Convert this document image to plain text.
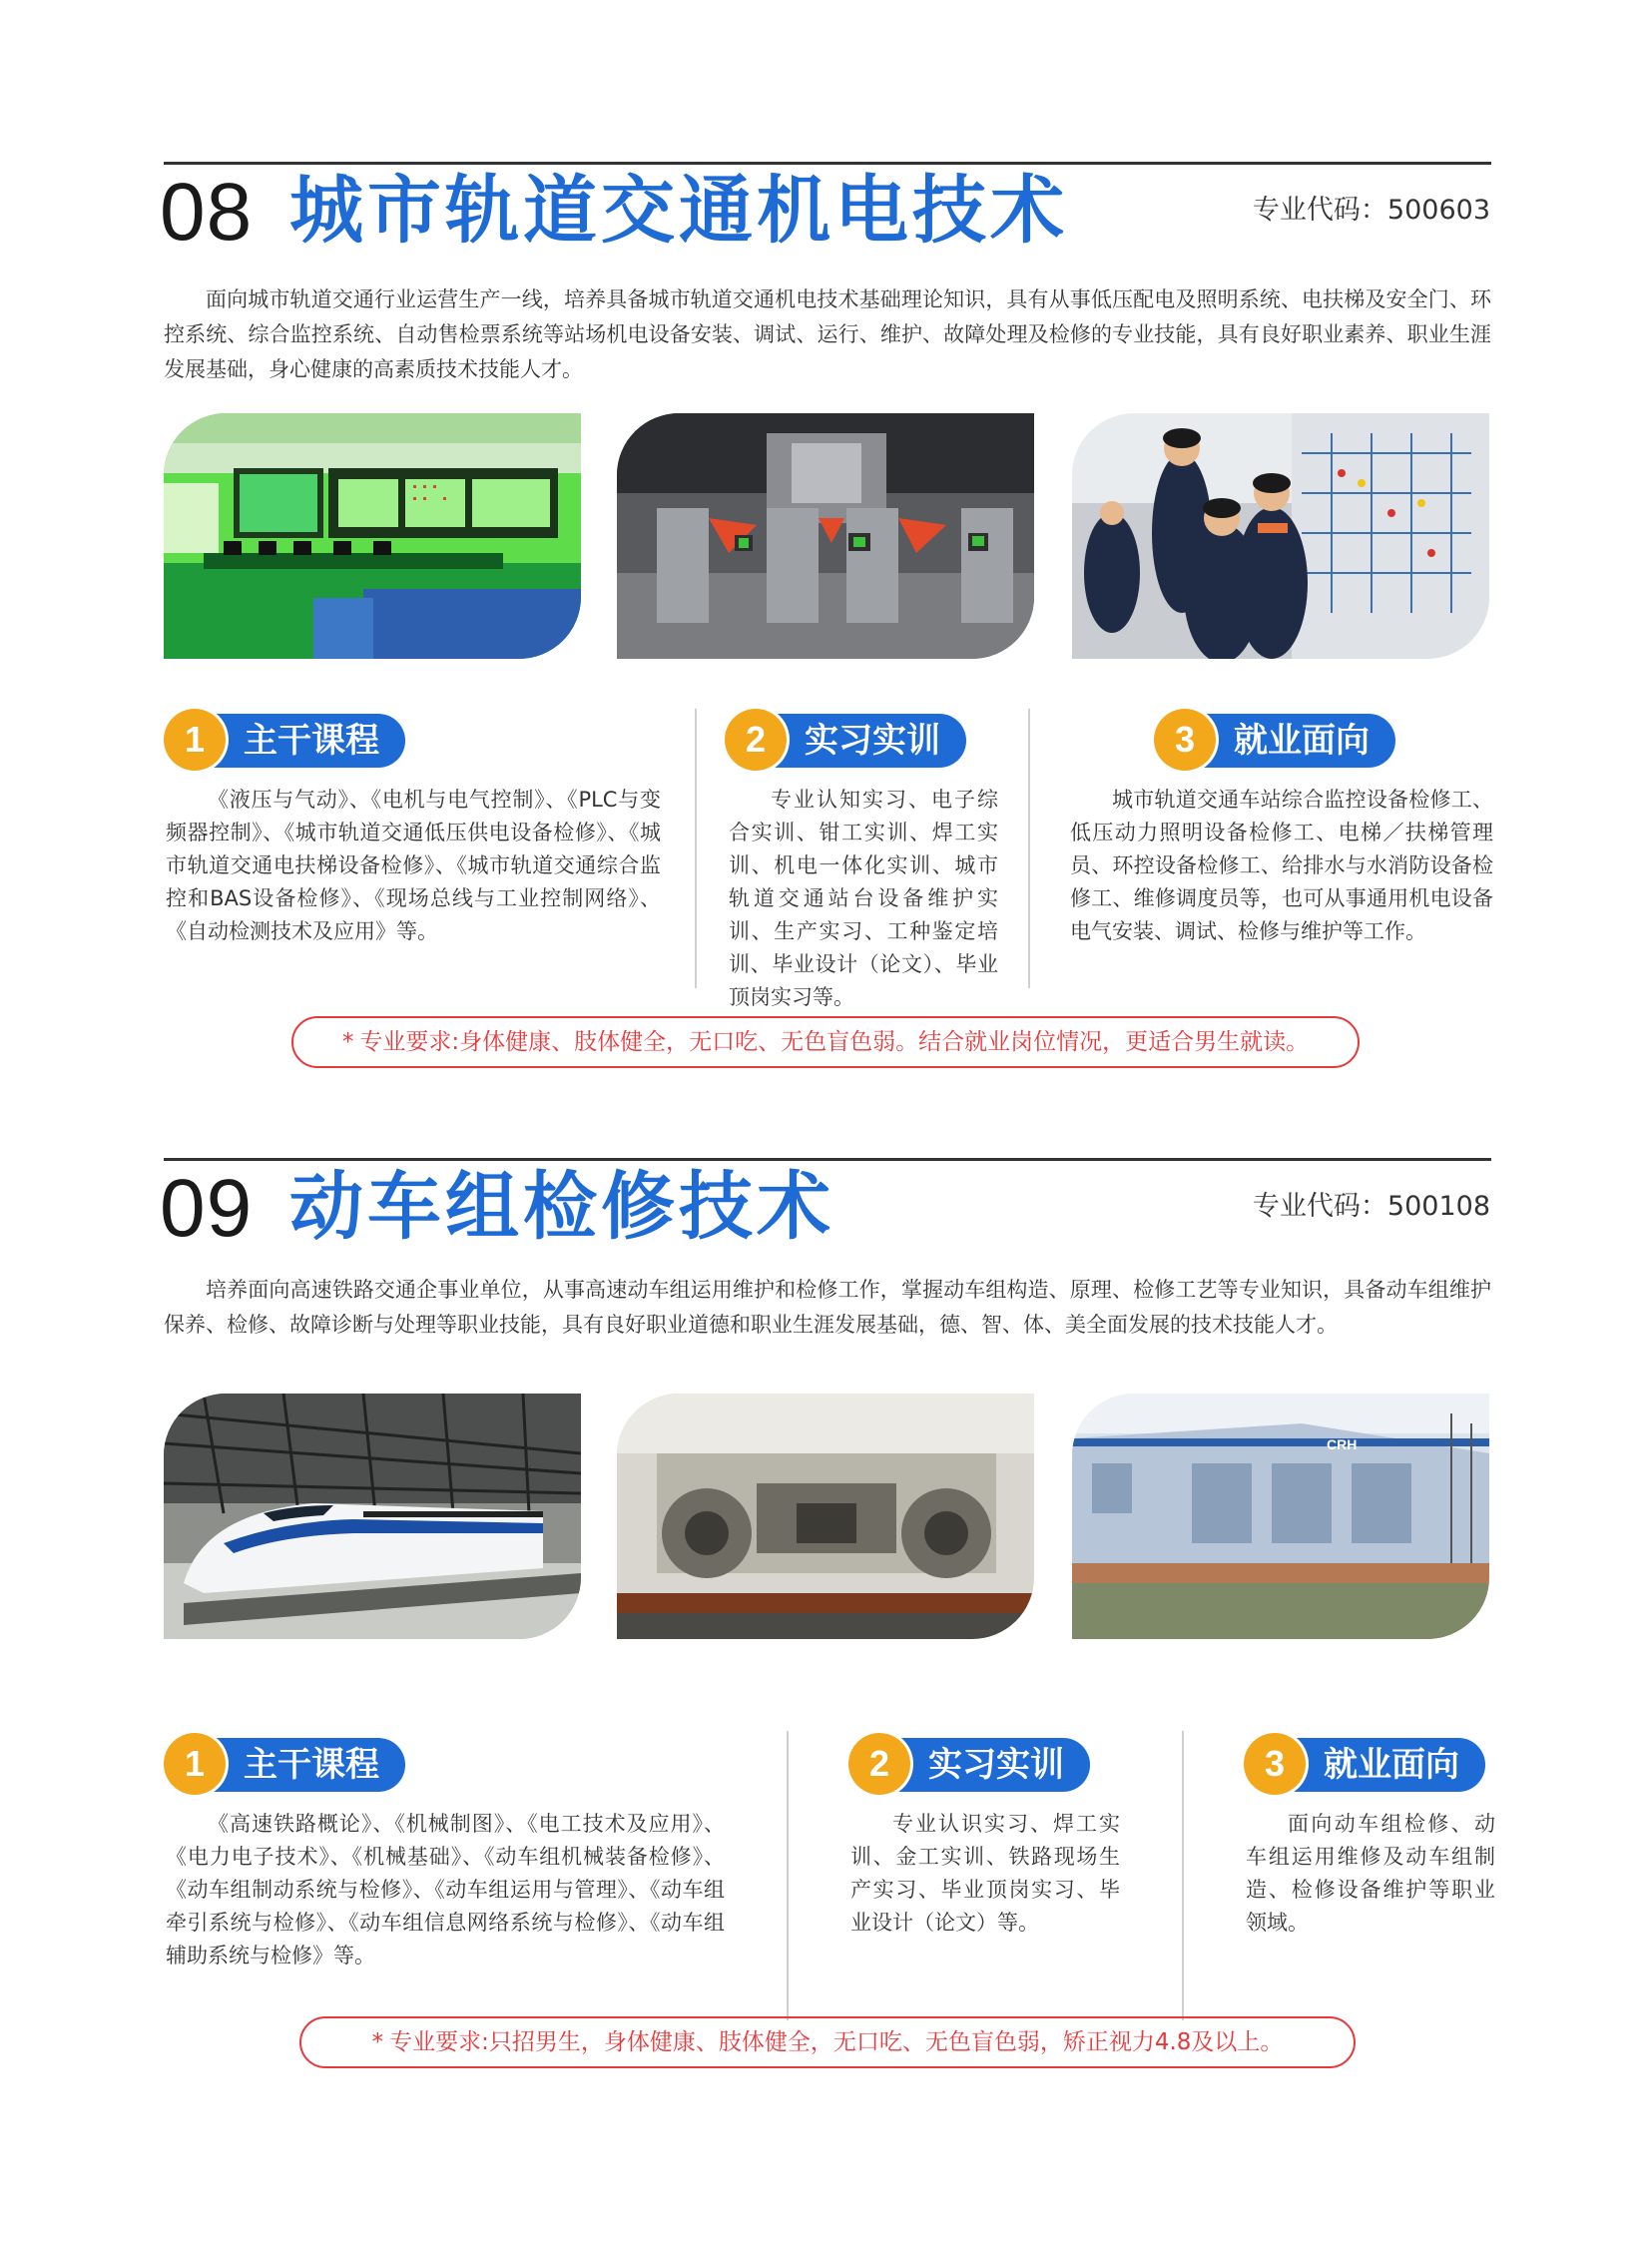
08 城市轨道交通机电技术	专业代码：500603

面向城市轨道交通行业运营生产一线，培养具备城市轨道交通机电技术基础理论知识，具有从事低压配电及照明系统、电扶梯及安全门、环控系统、综合监控系统、自动售检票系统等站场机电设备安装、调试、运行、维护、故障处理及检修的专业技能，具有良好职业素养、职业生涯发展基础，身心健康的高素质技术技能人才。

1	主干课程

《液压与气动》、《电机与电气控制》、《PLC与变频器控制》、《城市轨道交通低压供电设备检修》、《城市轨道交通电扶梯设备检修》、《城市轨道交通综合监控和BAS设备检修》、《现场总线与工业控制网络》、《自动检测技术及应用》等。

2	实习实训

专业认知实习、电子综合实训、钳工实训、焊工实训、机电一体化实训、城市轨道交通站台设备维护实训、生产实习、工种鉴定培训、毕业设计（论文）、毕业顶岗实习等。

3	就业面向

城市轨道交通车站综合监控设备检修工、低压动力照明设备检修工、电梯／扶梯管理员、环控设备检修工、给排水与水消防设备检修工、维修调度员等，也可从事通用机电设备电气安装、调试、检修与维护等工作。

* 专业要求:身体健康、肢体健全，无口吃、无色盲色弱。结合就业岗位情况，更适合男生就读。
09 动车组检修技术	专业代码：500108

培养面向高速铁路交通企事业单位，从事高速动车组运用维护和检修工作，掌握动车组构造、原理、检修工艺等专业知识，具备动车组维护保养、检修、故障诊断与处理等职业技能，具有良好职业道德和职业生涯发展基础，德、智、体、美全面发展的技术技能人才。

CRH
1	主干课程

《高速铁路概论》、《机械制图》、《电工技术及应用》、《电力电子技术》、《机械基础》、《动车组机械装备检修》、《动车组制动系统与检修》、《动车组运用与管理》、《动车组牵引系统与检修》、《动车组信息网络系统与检修》、《动车组辅助系统与检修》等。

2	实习实训

专业认识实习、焊工实训、金工实训、铁路现场生产实习、毕业顶岗实习、毕业设计（论文）等。

3	就业面向

面向动车组检修、动车组运用维修及动车组制造、检修设备维护等职业领域。

* 专业要求:只招男生，身体健康、肢体健全，无口吃、无色盲色弱，矫正视力4.8及以上。
